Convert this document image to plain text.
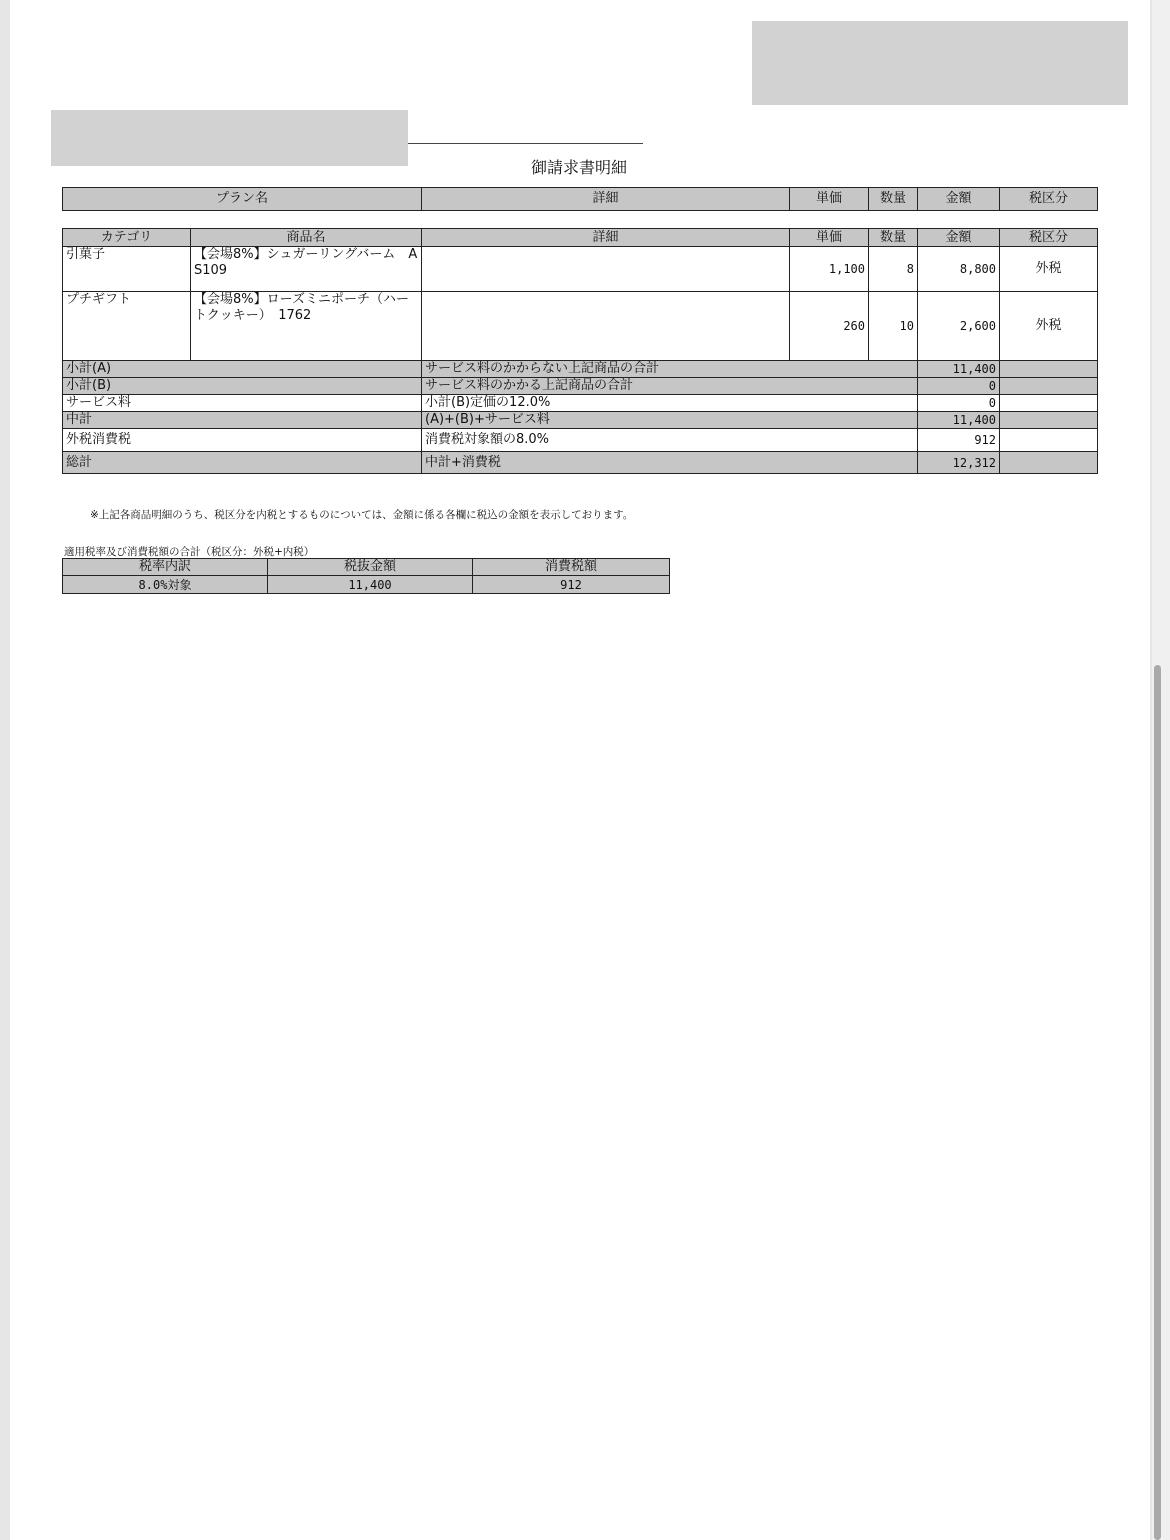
御請求書明細
プラン名	詳細	単価	数量	金額	税区分
カテゴリ	商品名	詳細	単価	数量	金額	税区分
引菓子	【会場8%】シュガーリングバーム　AS109		1,100	8	8,800	外税
プチギフト	【会場8%】ローズミニポーチ（ハートクッキー）　1762		260	10	2,600	外税
小計(A)		サービス料のかからない上記商品の合計			11,400	
小計(B)		サービス料のかかる上記商品の合計			0	
サービス料		小計(B)定価の12.0%			0	
中計		(A)+(B)+サービス料			11,400	
外税消費税		消費税対象額の8.0%			912	
総計		中計+消費税			12,312	
※上記各商品明細のうち、税区分を内税とするものについては、金額に係る各欄に税込の金額を表示しております。
適用税率及び消費税額の合計（税区分：外税+内税）
税率内訳	税抜金額	消費税額
8.0%対象	11,400	912
